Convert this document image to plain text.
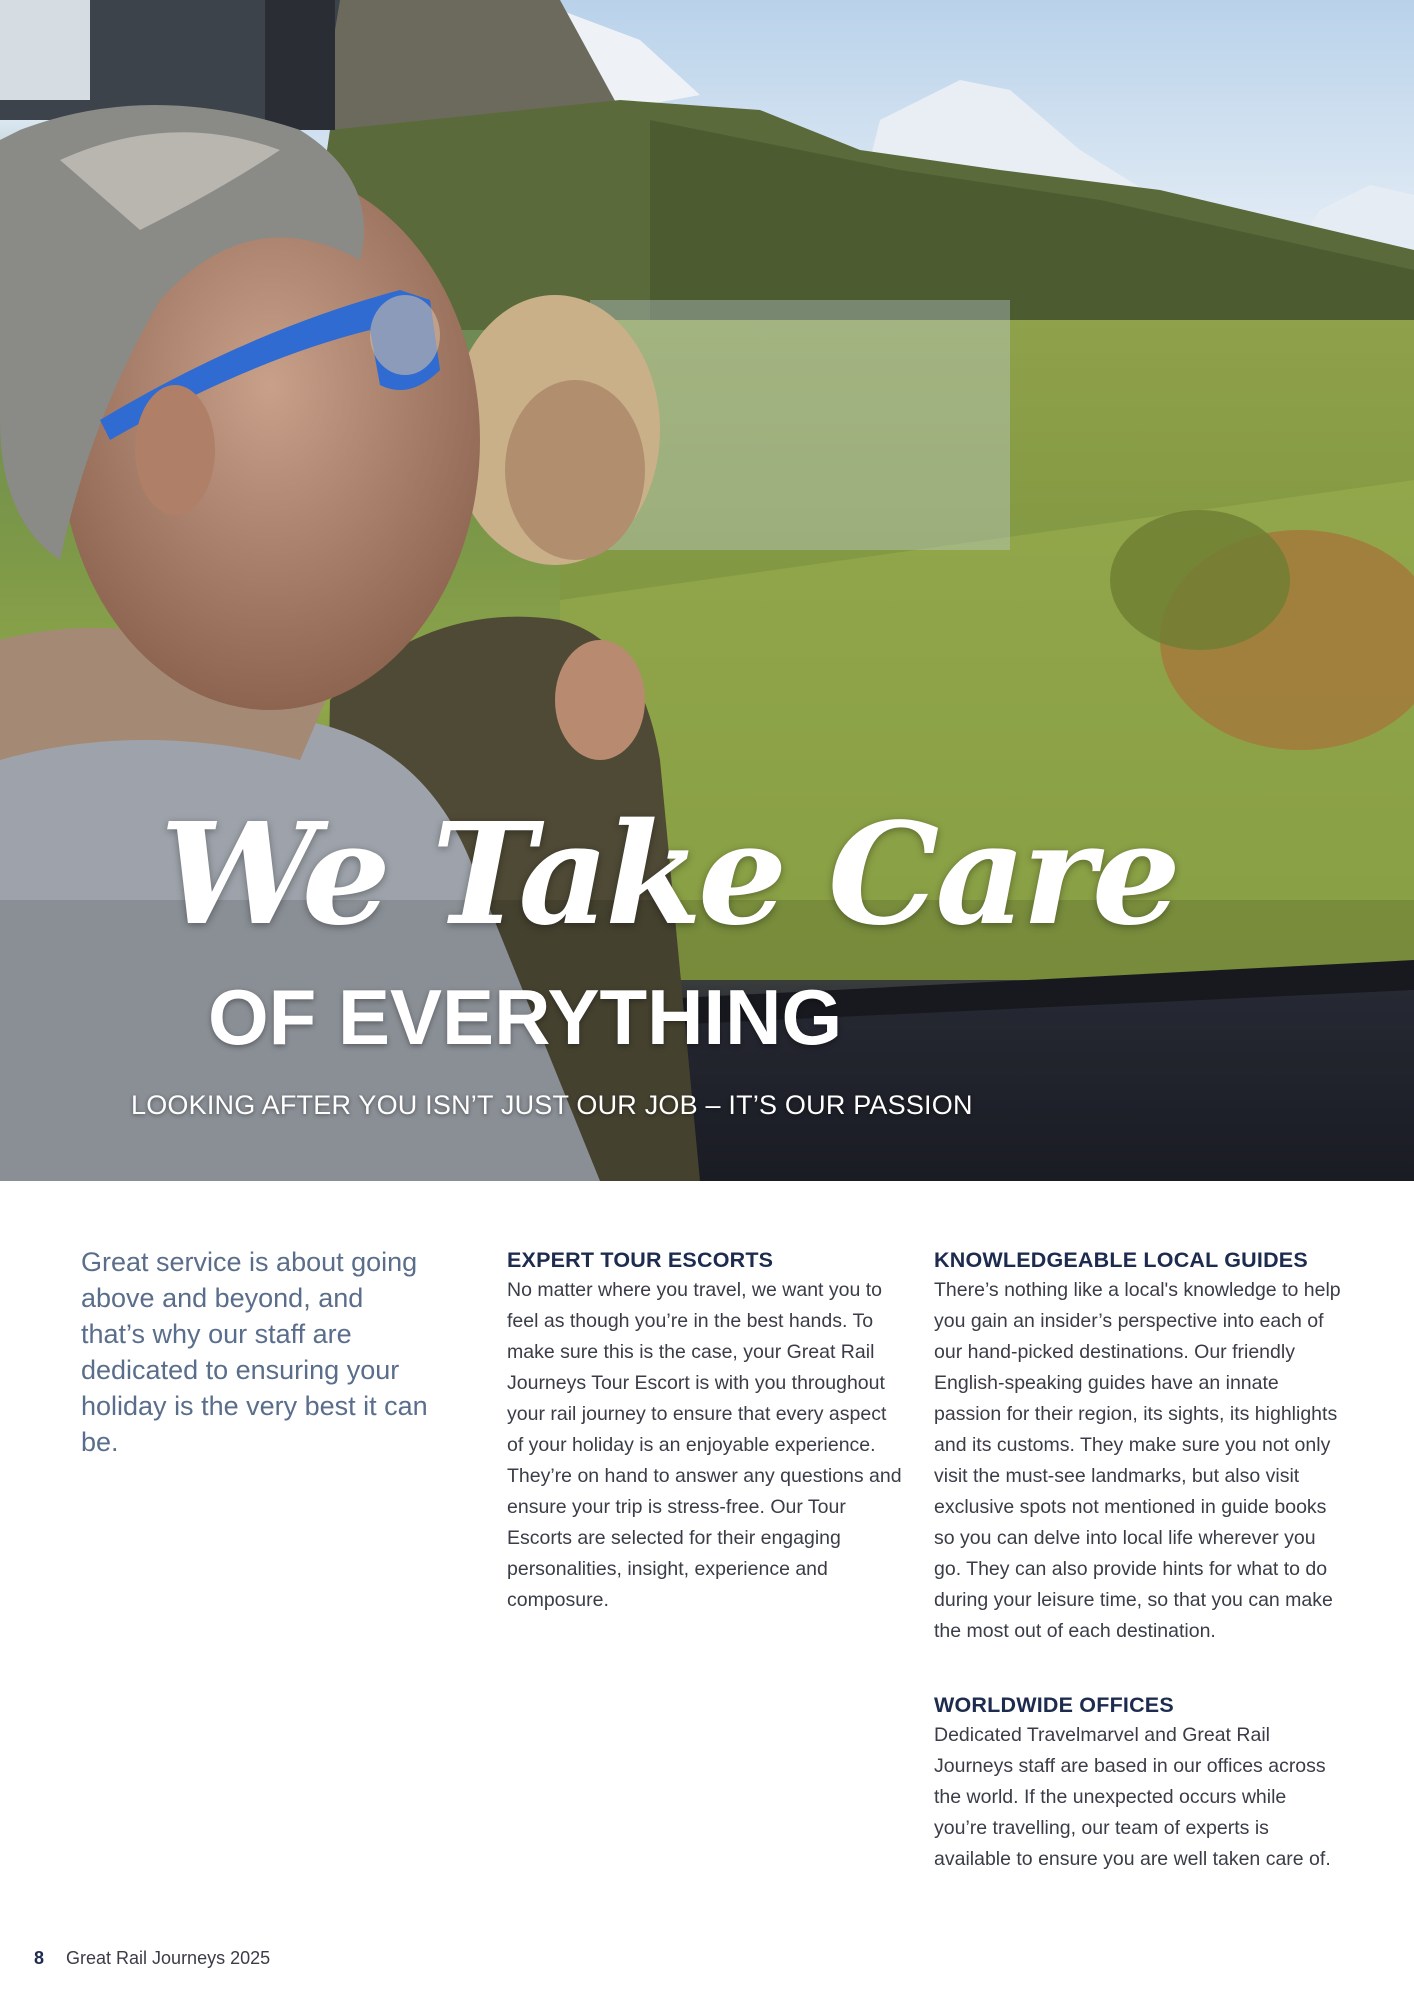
We Take Care
OF EVERYTHING
LOOKING AFTER YOU ISN’T JUST OUR JOB – IT’S OUR PASSION
Great service is about going above and beyond, and that’s why our staff are dedicated to ensuring your holiday is the very best it can be.
EXPERT TOUR ESCORTS

No matter where you travel, we want you to feel as though you’re in the best hands. To make sure this is the case, your Great Rail Journeys Tour Escort is with you throughout your rail journey to ensure that every aspect of your holiday is an enjoyable experience. They’re on hand to answer any questions and ensure your trip is stress-free. Our Tour Escorts are selected for their engaging personalities, insight, experience and composure.

KNOWLEDGEABLE LOCAL GUIDES

There’s nothing like a local's knowledge to help you gain an insider’s perspective into each of our hand-picked destinations. Our friendly English-speaking guides have an innate passion for their region, its sights, its highlights and its customs. They make sure you not only visit the must-see landmarks, but also visit exclusive spots not mentioned in guide books so you can delve into local life wherever you go. They can also provide hints for what to do during your leisure time, so that you can make the most out of each destination.

WORLDWIDE OFFICES

Dedicated Travelmarvel and Great Rail Journeys staff are based in our offices across the world. If the unexpected occurs while you’re travelling, our team of experts is available to ensure you are well taken care of.

8 Great Rail Journeys 2025
